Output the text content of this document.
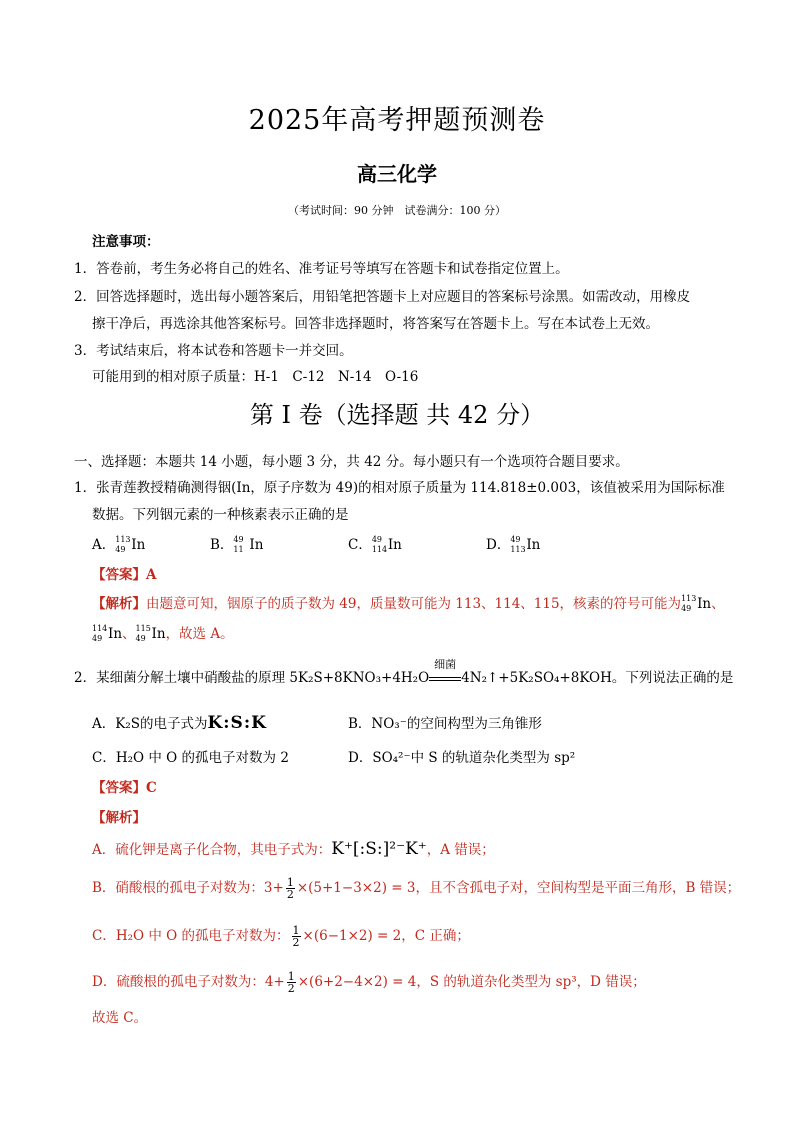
2025年高考押题预测卷
高三化学
（考试时间：90 分钟　试卷满分：100 分）
注意事项：
1．答卷前，考生务必将自己的姓名、准考证号等填写在答题卡和试卷指定位置上。
2．回答选择题时，选出每小题答案后，用铅笔把答题卡上对应题目的答案标号涂黑。如需改动，用橡皮
擦干净后，再选涂其他答案标号。回答非选择题时，将答案写在答题卡上。写在本试卷上无效。
3．考试结束后，将本试卷和答题卡一并交回。
可能用到的相对原子质量：H-1　C-12　N-14　O-16
第 I 卷（选择题 共 42 分）
一、选择题：本题共 14 小题，每小题 3 分，共 42 分。每小题只有一个选项符合题目要求。
1．张青莲教授精确测得铟(In，原子序数为 49)的相对原子质量为 114.818±0.003，该值被采用为国际标准
数据。下列铟元素的一种核素表示正确的是
A． 113
49 In	B． 49
11 In	C． 49
114 In	D． 49
113 In
【答案】A
【解析】由题意可知，铟原子的质子数为 49，质量数可能为 113、114、115，核素的符号可能为 113
49 In、
114
49 In、 115
49 In，故选 A。
2．某细菌分解土壤中硝酸盐的原理 5K₂S+8KNO₃+4H₂O
细菌
4N₂↑+5K₂SO₄+8KOH。下列说法正确的是
A．K₂S的电子式为K:S:K	B．NO₃⁻的空间构型为三角锥形
C．H₂O 中 O 的孤电子对数为 2	D．SO₄²⁻中 S 的轨道杂化类型为 sp²
【答案】C
【解析】
A．硫化钾是离子化合物，其电子式为：K⁺[:S:]²⁻K⁺，A 错误；
B．硝酸根的孤电子对数为：$3+ \frac{1}{2} \times(5+1-3\times 2) = 3$，且不含孤电子对，空间构型是平面三角形，B 错误；
C．H₂O 中 O 的孤电子对数为： $\frac{1}{2} \times(6-1\times 2) = 2$，C 正确；
D．硫酸根的孤电子对数为：$4+ \frac{1}{2} \times(6+2-4\times 2) = 4$，S 的轨道杂化类型为 sp³，D 错误；
故选 C。
